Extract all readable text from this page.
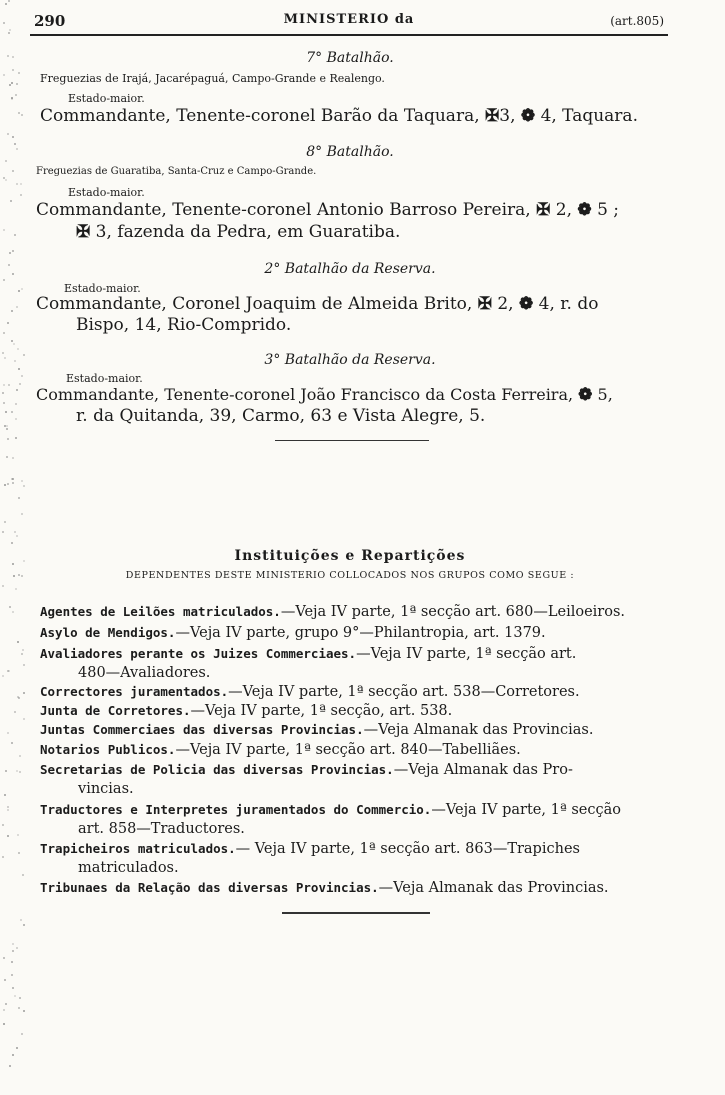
290	MINISTERIO da	(art.805)
7° Batalhão.
Freguezias de Irajá, Jacarépaguá, Campo-Grande e Realengo.
Estado-maior.
Commandante, Tenente-coronel Barão da Taquara, ✠3, ❁ 4, Taquara.
8° Batalhão.
Freguezias de Guaratiba, Santa-Cruz e Campo-Grande.
Estado-maior.
Commandante, Tenente-coronel Antonio Barroso Pereira, ✠ 2, ❁ 5 ;
✠ 3, fazenda da Pedra, em Guaratiba.
2° Batalhão da Reserva.
Estado-maior.
Commandante, Coronel Joaquim de Almeida Brito, ✠ 2, ❁ 4, r. do
Bispo, 14, Rio-Comprido.
3° Batalhão da Reserva.
Estado-maior.
Commandante, Tenente-coronel João Francisco da Costa Ferreira, ❁ 5,
r. da Quitanda, 39, Carmo, 63 e Vista Alegre, 5.
Instituições e Repartições
DEPENDENTES DESTE MINISTERIO COLLOCADOS NOS GRUPOS COMO SEGUE :
Agentes de Leilões matriculados.—Veja IV parte, 1ª secção art. 680—Leiloeiros.
Asylo de Mendigos.—Veja IV parte, grupo 9°—Philantropia, art. 1379.
Avaliadores perante os Juizes Commerciaes.—Veja IV parte, 1ª secção art.
480—Avaliadores.
Correctores juramentados.—Veja IV parte, 1ª secção art. 538—Corretores.
Junta de Corretores.—Veja IV parte, 1ª secção, art. 538.
Juntas Commerciaes das diversas Provincias.—Veja Almanak das Provincias.
Notarios Publicos.—Veja IV parte, 1ª secção art. 840—Tabelliães.
Secretarias de Policia das diversas Provincias.—Veja Almanak das Pro-
vincias.
Traductores e Interpretes juramentados do Commercio.—Veja IV parte, 1ª secção
art. 858—Traductores.
Trapicheiros matriculados.— Veja IV parte, 1ª secção art. 863—Trapiches
matriculados.
Tribunaes da Relação das diversas Provincias.—Veja Almanak das Provincias.
